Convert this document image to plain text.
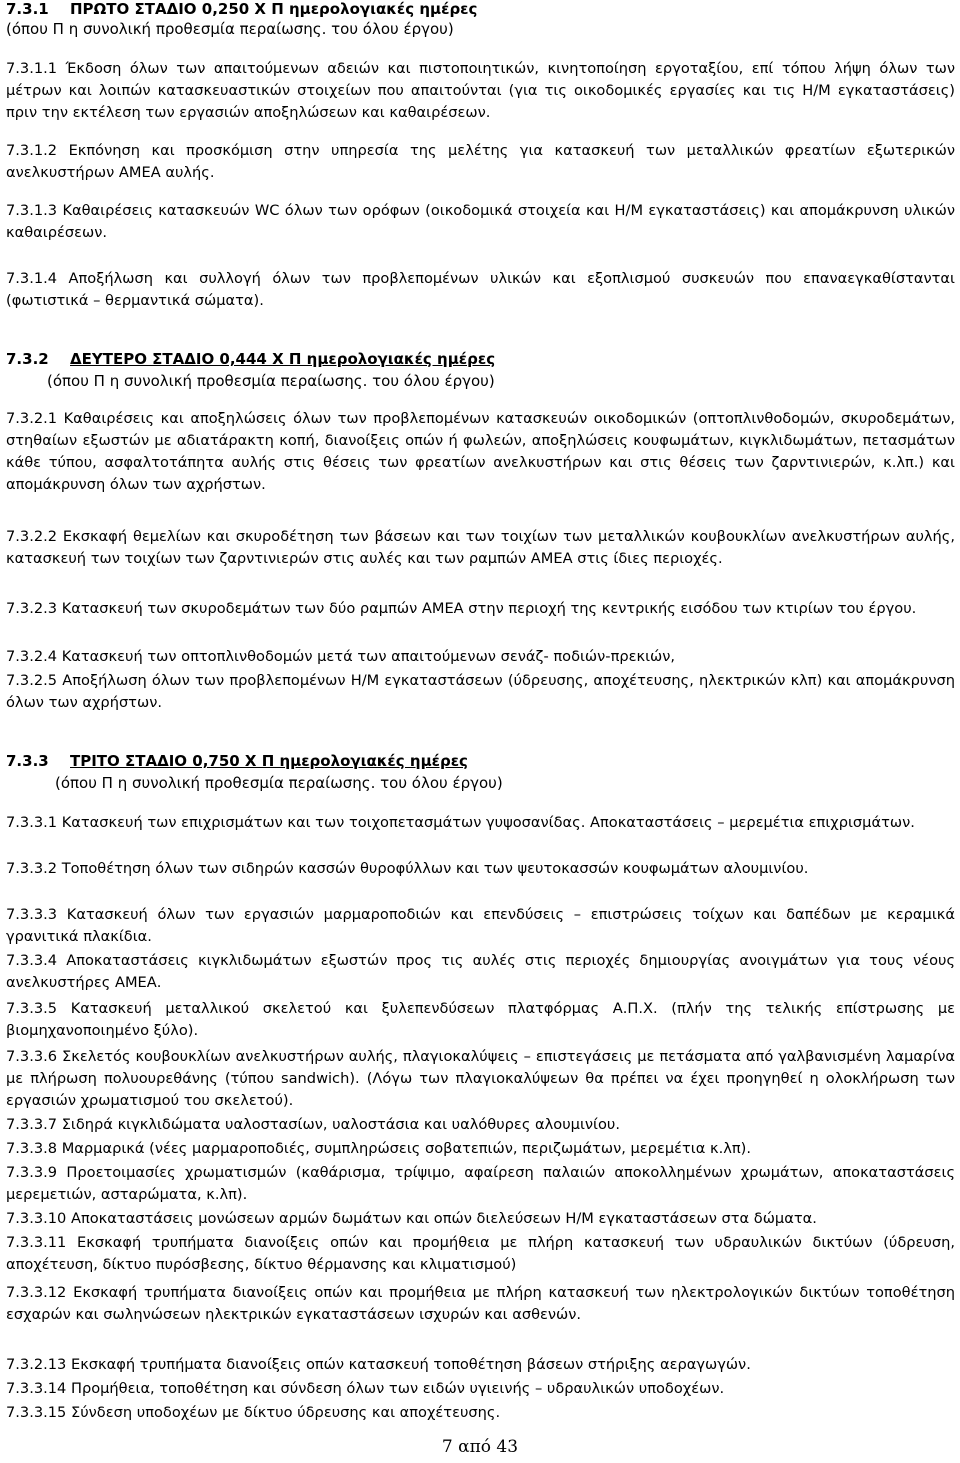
7.3.1 ΠΡΩΤΟ ΣΤΑΔΙΟ 0,250 Χ Π ημερολογιακές ημέρες
(όπου Π η συνολική προθεσμία περαίωσης. του όλου έργου)
7.3.1.1 Έκδοση όλων των απαιτούμενων αδειών και πιστοποιητικών, κινητοποίηση εργοταξίου, επί τόπου λήψη όλων των μέτρων και λοιπών κατασκευαστικών στοιχείων που απαιτούνται (για τις οικοδομικές εργασίες και τις Η/Μ εγκαταστάσεις) πριν την εκτέλεση των εργασιών αποξηλώσεων και καθαιρέσεων.
7.3.1.2 Εκπόνηση και προσκόμιση στην υπηρεσία της μελέτης για κατασκευή των μεταλλικών φρεατίων εξωτερικών ανελκυστήρων ΑΜΕΑ αυλής.
7.3.1.3 Καθαιρέσεις κατασκευών WC όλων των ορόφων (οικοδομικά στοιχεία και Η/Μ εγκαταστάσεις) και απομάκρυνση υλικών καθαιρέσεων.
7.3.1.4 Αποξήλωση και συλλογή όλων των προβλεπομένων υλικών και εξοπλισμού συσκευών που επαναεγκαθίστανται (φωτιστικά – θερμαντικά σώματα).
7.3.2 ΔΕΥΤΕΡΟ ΣΤΑΔΙΟ 0,444 Χ Π ημερολογιακές ημέρες
(όπου Π η συνολική προθεσμία περαίωσης. του όλου έργου)
7.3.2.1 Καθαιρέσεις και αποξηλώσεις όλων των προβλεπομένων κατασκευών οικοδομικών (οπτοπλινθοδομών, σκυροδεμάτων, στηθαίων εξωστών με αδιατάρακτη κοπή, διανοίξεις οπών ή φωλεών, αποξηλώσεις κουφωμάτων, κιγκλιδωμάτων, πετασμάτων κάθε τύπου, ασφαλτοτάπητα αυλής στις θέσεις των φρεατίων ανελκυστήρων και στις θέσεις των ζαρντινιερών, κ.λπ.) και απομάκρυνση όλων των αχρήστων.
7.3.2.2 Εκσκαφή θεμελίων και σκυροδέτηση των βάσεων και των τοιχίων των μεταλλικών κουβουκλίων ανελκυστήρων αυλής, κατασκευή των τοιχίων των ζαρντινιερών στις αυλές και των ραμπών ΑΜΕΑ στις ίδιες περιοχές.
7.3.2.3 Κατασκευή των σκυροδεμάτων των δύο ραμπών ΑΜΕΑ στην περιοχή της κεντρικής εισόδου των κτιρίων του έργου.
7.3.2.4 Κατασκευή των οπτοπλινθοδομών μετά των απαιτούμενων σενάζ- ποδιών-πρεκιών,
7.3.2.5 Αποξήλωση όλων των προβλεπομένων Η/Μ εγκαταστάσεων (ύδρευσης, αποχέτευσης, ηλεκτρικών κλπ) και απομάκρυνση όλων των αχρήστων.
7.3.3 ΤΡΙΤΟ ΣΤΑΔΙΟ 0,750 Χ Π ημερολογιακές ημέρες
(όπου Π η συνολική προθεσμία περαίωσης. του όλου έργου)
7.3.3.1 Κατασκευή των επιχρισμάτων και των τοιχοπετασμάτων γυψοσανίδας. Αποκαταστάσεις – μερεμέτια επιχρισμάτων.
7.3.3.2 Τοποθέτηση όλων των σιδηρών κασσών θυροφύλλων και των ψευτοκασσών κουφωμάτων αλουμινίου.
7.3.3.3 Κατασκευή όλων των εργασιών μαρμαροποδιών και επενδύσεις – επιστρώσεις τοίχων και δαπέδων με κεραμικά γρανιτικά πλακίδια.
7.3.3.4 Αποκαταστάσεις κιγκλιδωμάτων εξωστών προς τις αυλές στις περιοχές δημιουργίας ανοιγμάτων για τους νέους ανελκυστήρες ΑΜΕΑ.
7.3.3.5 Κατασκευή μεταλλικού σκελετού και ξυλεπενδύσεων πλατφόρμας Α.Π.Χ. (πλήν της τελικής επίστρωσης με βιομηχανοποιημένο ξύλο).
7.3.3.6 Σκελετός κουβουκλίων ανελκυστήρων αυλής, πλαγιοκαλύψεις – επιστεγάσεις με πετάσματα από γαλβανισμένη λαμαρίνα με πλήρωση πολυουρεθάνης (τύπου sandwich). (Λόγω των πλαγιοκαλύψεων θα πρέπει να έχει προηγηθεί η ολοκλήρωση των εργασιών χρωματισμού του σκελετού).
7.3.3.7 Σιδηρά κιγκλιδώματα υαλοστασίων, υαλοστάσια και υαλόθυρες αλουμινίου.
7.3.3.8 Μαρμαρικά (νέες μαρμαροποδιές, συμπληρώσεις σοβατεπιών, περιζωμάτων, μερεμέτια κ.λπ).
7.3.3.9 Προετοιμασίες χρωματισμών (καθάρισμα, τρίψιμο, αφαίρεση παλαιών αποκολλημένων χρωμάτων, αποκαταστάσεις μερεμετιών, ασταρώματα, κ.λπ).
7.3.3.10 Αποκαταστάσεις μονώσεων αρμών δωμάτων και οπών διελεύσεων Η/Μ εγκαταστάσεων στα δώματα.
7.3.3.11 Εκσκαφή τρυπήματα διανοίξεις οπών και προμήθεια με πλήρη κατασκευή των υδραυλικών δικτύων (ύδρευση, αποχέτευση, δίκτυο πυρόσβεσης, δίκτυο θέρμανσης και κλιματισμού)
7.3.3.12 Εκσκαφή τρυπήματα διανοίξεις οπών και προμήθεια με πλήρη κατασκευή των ηλεκτρολογικών δικτύων τοποθέτηση εσχαρών και σωληνώσεων ηλεκτρικών εγκαταστάσεων ισχυρών και ασθενών.
7.3.2.13 Εκσκαφή τρυπήματα διανοίξεις οπών κατασκευή τοποθέτηση βάσεων στήριξης αεραγωγών.
7.3.3.14 Προμήθεια, τοποθέτηση και σύνδεση όλων των ειδών υγιεινής – υδραυλικών υποδοχέων.
7.3.3.15 Σύνδεση υποδοχέων με δίκτυο ύδρευσης και αποχέτευσης.
7 από 43
